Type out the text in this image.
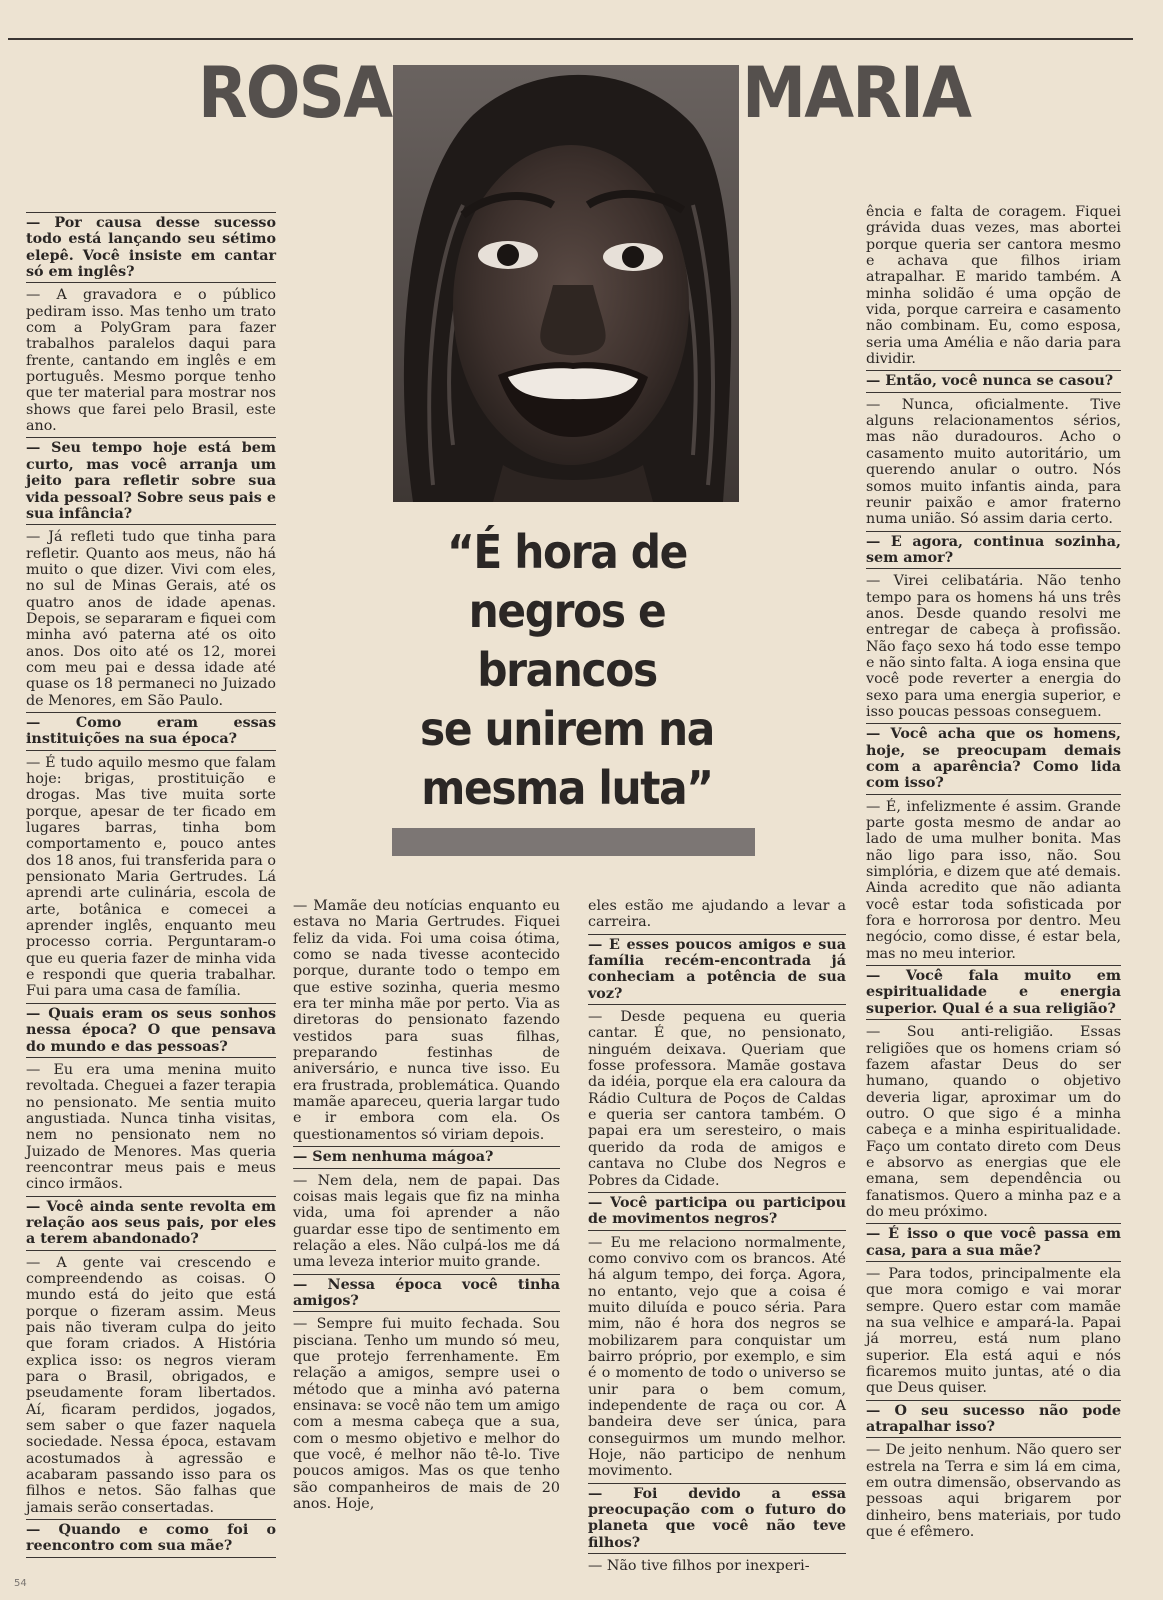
ROSA	MARIA
“É hora de
negros e brancos
se unirem na
mesma luta”

— Por causa desse sucesso todo está lançando seu sétimo elepê. Você insiste em cantar só em inglês?

— A gravadora e o público pediram isso. Mas tenho um trato com a PolyGram para fazer trabalhos paralelos daqui para frente, cantando em inglês e em português. Mesmo porque tenho que ter material para mostrar nos shows que farei pelo Brasil, este ano.

— Seu tempo hoje está bem curto, mas você arranja um jeito para refletir sobre sua vida pessoal? Sobre seus pais e sua infância?

— Já refleti tudo que tinha para refletir. Quanto aos meus, não há muito o que dizer. Vivi com eles, no sul de Minas Gerais, até os quatro anos de idade apenas. Depois, se separaram e fiquei com minha avó paterna até os oito anos. Dos oito até os 12, morei com meu pai e dessa idade até quase os 18 permaneci no Juizado de Menores, em São Paulo.

— Como eram essas instituições na sua época?

— É tudo aquilo mesmo que falam hoje: brigas, prostituição e drogas. Mas tive muita sorte porque, apesar de ter ficado em lugares barras, tinha bom comportamento e, pouco antes dos 18 anos, fui transferida para o pensionato Maria Gertrudes. Lá aprendi arte culinária, escola de arte, botânica e comecei a aprender inglês, enquanto meu processo corria. Perguntaram-o que eu queria fazer de minha vida e respondi que queria trabalhar. Fui para uma casa de família.

— Quais eram os seus sonhos nessa época? O que pensava do mundo e das pessoas?

— Eu era uma menina muito revoltada. Cheguei a fazer terapia no pensionato. Me sentia muito angustiada. Nunca tinha visitas, nem no pensionato nem no Juizado de Menores. Mas queria reencontrar meus pais e meus cinco irmãos.

— Você ainda sente revolta em relação aos seus pais, por eles a terem abandonado?

— A gente vai crescendo e compreendendo as coisas. O mundo está do jeito que está porque o fizeram assim. Meus pais não tiveram culpa do jeito que foram criados. A História explica isso: os negros vieram para o Brasil, obrigados, e pseudamente foram libertados. Aí, ficaram perdidos, jogados, sem saber o que fazer naquela sociedade. Nessa época, estavam acostumados à agressão e acabaram passando isso para os filhos e netos. São falhas que jamais serão consertadas.

— Quando e como foi o reencontro com sua mãe?

— Mamãe deu notícias enquanto eu estava no Maria Gertrudes. Fiquei feliz da vida. Foi uma coisa ótima, como se nada tivesse acontecido porque, durante todo o tempo em que estive sozinha, queria mesmo era ter minha mãe por perto. Via as diretoras do pensionato fazendo vestidos para suas filhas, preparando festinhas de aniversário, e nunca tive isso. Eu era frustrada, problemática. Quando mamãe apareceu, queria largar tudo e ir embora com ela. Os questionamentos só viriam depois.

— Sem nenhuma mágoa?

— Nem dela, nem de papai. Das coisas mais legais que fiz na minha vida, uma foi aprender a não guardar esse tipo de sentimento em relação a eles. Não culpá-los me dá uma leveza interior muito grande.

— Nessa época você tinha amigos?

— Sempre fui muito fechada. Sou pisciana. Tenho um mundo só meu, que protejo ferrenhamente. Em relação a amigos, sempre usei o método que a minha avó paterna ensinava: se você não tem um amigo com a mesma cabeça que a sua, com o mesmo objetivo e melhor do que você, é melhor não tê-lo. Tive poucos amigos. Mas os que tenho são companheiros de mais de 20 anos. Hoje,

eles estão me ajudando a levar a carreira.

— E esses poucos amigos e sua família recém-encontrada já conheciam a potência de sua voz?

— Desde pequena eu queria cantar. É que, no pensionato, ninguém deixava. Queriam que fosse professora. Mamãe gostava da idéia, porque ela era caloura da Rádio Cultura de Poços de Caldas e queria ser cantora também. O papai era um seresteiro, o mais querido da roda de amigos e cantava no Clube dos Negros e Pobres da Cidade.

— Você participa ou participou de movimentos negros?

— Eu me relaciono normalmente, como convivo com os brancos. Até há algum tempo, dei força. Agora, no entanto, vejo que a coisa é muito diluída e pouco séria. Para mim, não é hora dos negros se mobilizarem para conquistar um bairro próprio, por exemplo, e sim é o momento de todo o universo se unir para o bem comum, independente de raça ou cor. A bandeira deve ser única, para conseguirmos um mundo melhor. Hoje, não participo de nenhum movimento.

— Foi devido a essa preocupação com o futuro do planeta que você não teve filhos?

— Não tive filhos por inexperi-

ência e falta de coragem. Fiquei grávida duas vezes, mas abortei porque queria ser cantora mesmo e achava que filhos iriam atrapalhar. E marido também. A minha solidão é uma opção de vida, porque carreira e casamento não combinam. Eu, como esposa, seria uma Amélia e não daria para dividir.

— Então, você nunca se casou?

— Nunca, oficialmente. Tive alguns relacionamentos sérios, mas não duradouros. Acho o casamento muito autoritário, um querendo anular o outro. Nós somos muito infantis ainda, para reunir paixão e amor fraterno numa união. Só assim daria certo.

— E agora, continua sozinha, sem amor?

— Virei celibatária. Não tenho tempo para os homens há uns três anos. Desde quando resolvi me entregar de cabeça à profissão. Não faço sexo há todo esse tempo e não sinto falta. A ioga ensina que você pode reverter a energia do sexo para uma energia superior, e isso poucas pessoas conseguem.

— Você acha que os homens, hoje, se preocupam demais com a aparência? Como lida com isso?

— É, infelizmente é assim. Grande parte gosta mesmo de andar ao lado de uma mulher bonita. Mas não ligo para isso, não. Sou simplória, e dizem que até demais. Ainda acredito que não adianta você estar toda sofisticada por fora e horrorosa por dentro. Meu negócio, como disse, é estar bela, mas no meu interior.

— Você fala muito em espiritualidade e energia superior. Qual é a sua religião?

— Sou anti-religião. Essas religiões que os homens criam só fazem afastar Deus do ser humano, quando o objetivo deveria ligar, aproximar um do outro. O que sigo é a minha cabeça e a minha espiritualidade. Faço um contato direto com Deus e absorvo as energias que ele emana, sem dependência ou fanatismos. Quero a minha paz e a do meu próximo.

— É isso o que você passa em casa, para a sua mãe?

— Para todos, principalmente ela que mora comigo e vai morar sempre. Quero estar com mamãe na sua velhice e ampará-la. Papai já morreu, está num plano superior. Ela está aqui e nós ficaremos muito juntas, até o dia que Deus quiser.

— O seu sucesso não pode atrapalhar isso?

— De jeito nenhum. Não quero ser estrela na Terra e sim lá em cima, em outra dimensão, observando as pessoas aqui brigarem por dinheiro, bens materiais, por tudo que é efêmero.

54
